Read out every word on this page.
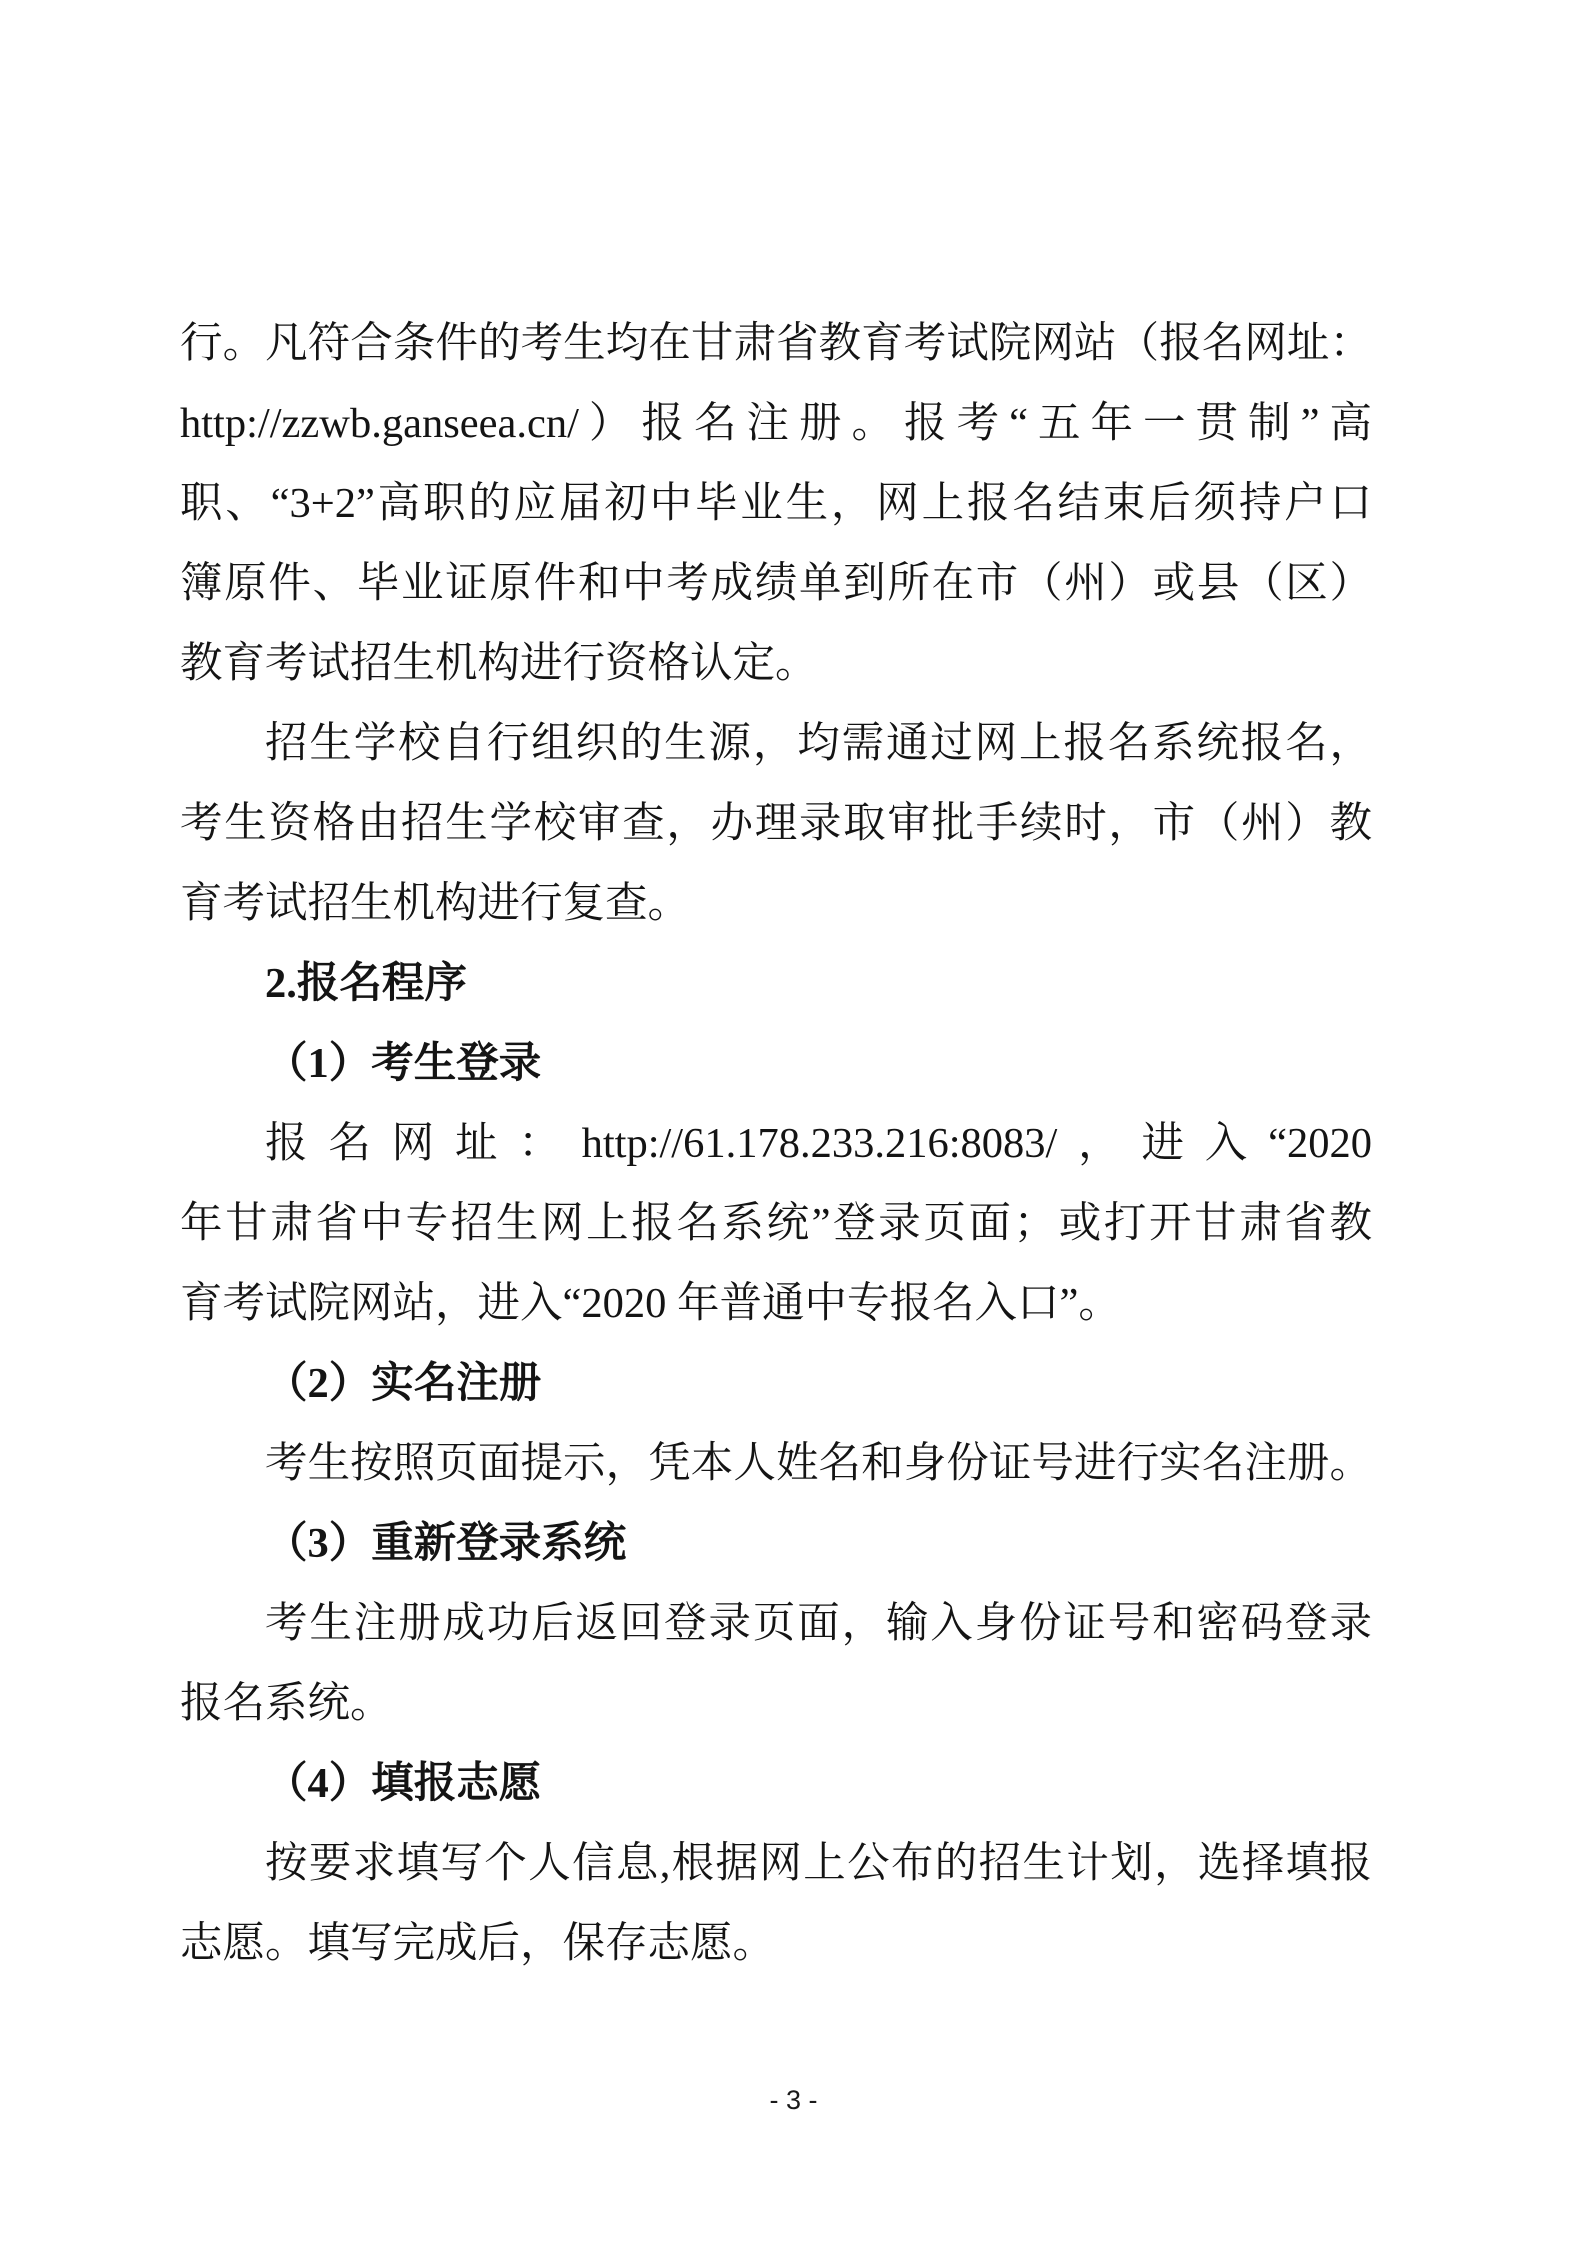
行。凡符合条件的考生均在甘肃省教育考试院网站（报名网址：
http://zzwb.ganseea.cn/）报名注册。报考“五年一贯制”高
职、“3+2”高职的应届初中毕业生，网上报名结束后须持户口
簿原件、毕业证原件和中考成绩单到所在市（州）或县（区）
教育考试招生机构进行资格认定。
招生学校自行组织的生源，均需通过网上报名系统报名，
考生资格由招生学校审查，办理录取审批手续时，市（州）教
育考试招生机构进行复查。
2.报名程序
（1）考生登录
报名网址：http://61.178.233.216:8083/，进入“2020
年甘肃省中专招生网上报名系统”登录页面；或打开甘肃省教
育考试院网站，进入“2020 年普通中专报名入口”。
（2）实名注册
考生按照页面提示，凭本人姓名和身份证号进行实名注册。
（3）重新登录系统
考生注册成功后返回登录页面，输入身份证号和密码登录
报名系统。
（4）填报志愿
按要求填写个人信息,根据网上公布的招生计划，选择填报
志愿。填写完成后，保存志愿。
- 3 -
